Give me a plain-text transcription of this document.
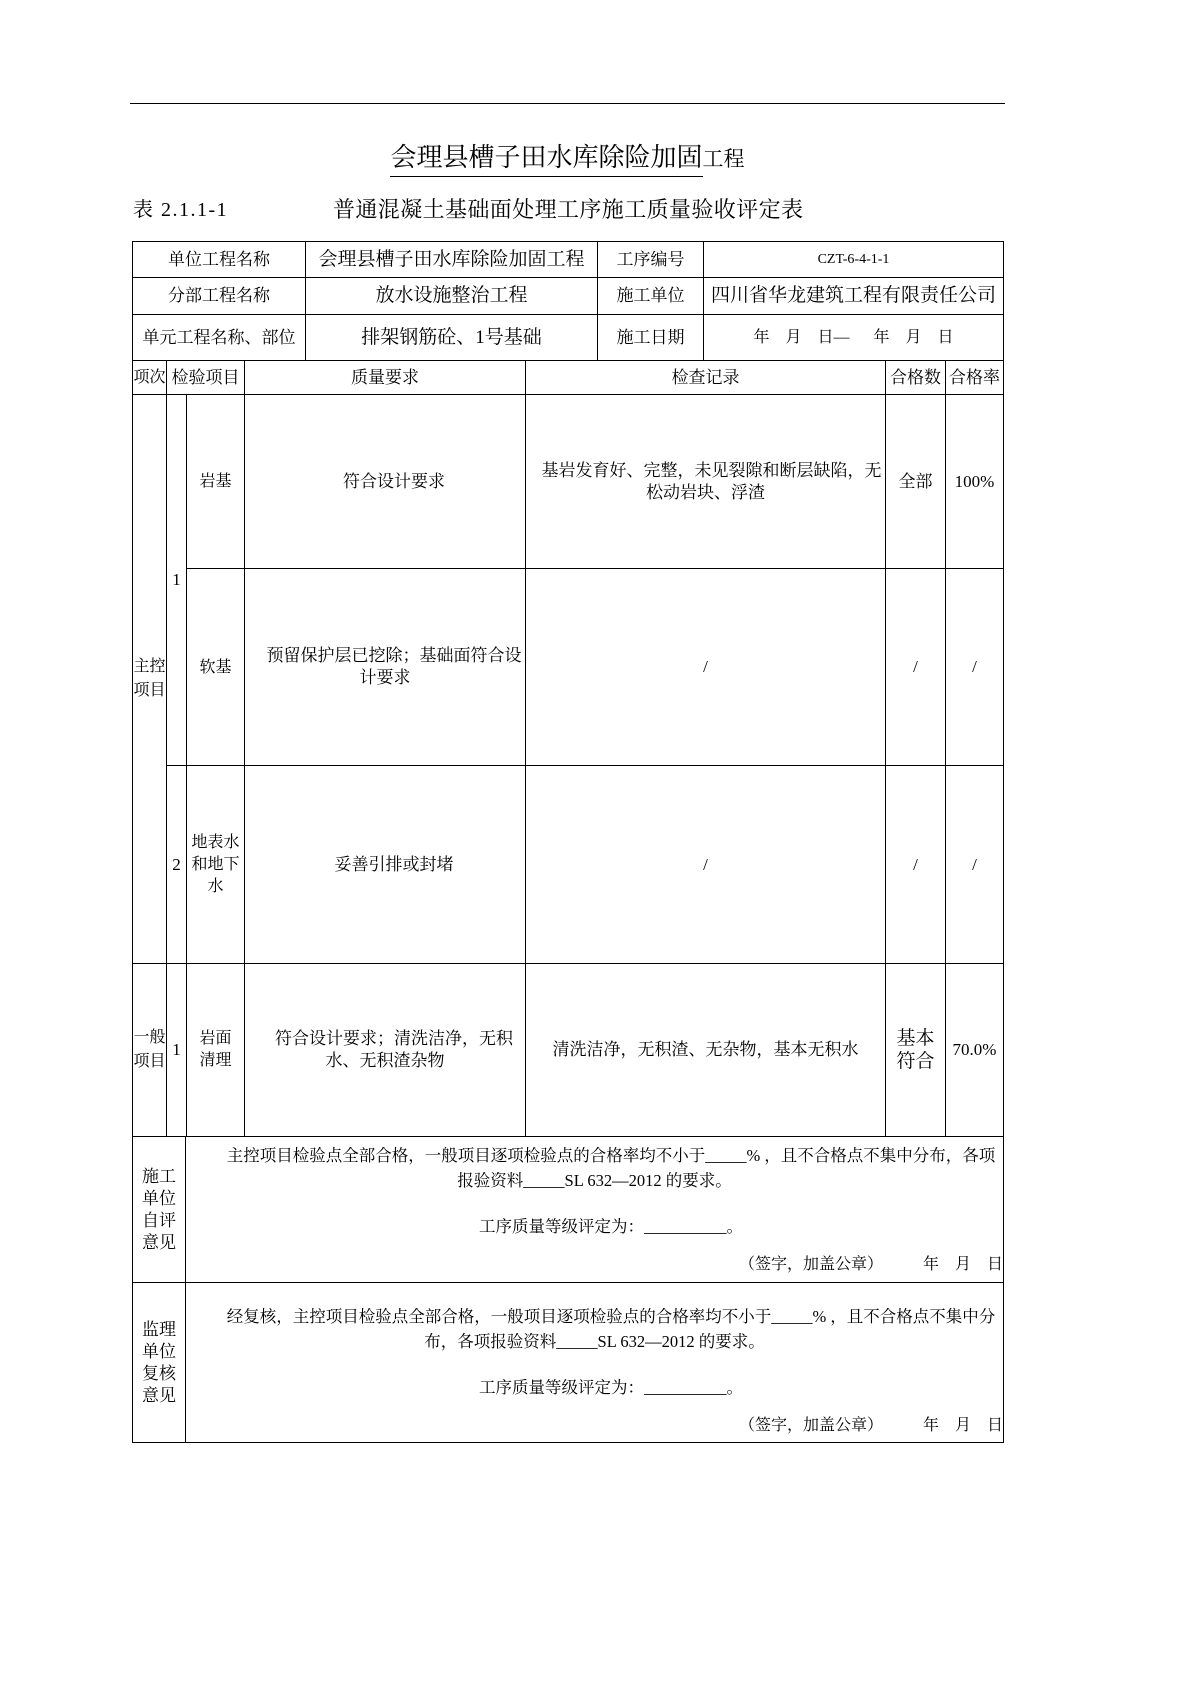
会理县槽子田水库除险加固工程
表 2.1.1-1	普通混凝土基础面处理工序施工质量验收评定表
单位工程名称	会理县槽子田水库除险加固工程	工序编号	CZT-6-4-1-1
分部工程名称	放水设施整治工程	施工单位	四川省华龙建筑工程有限责任公司
单元工程名称、部位	排架钢筋砼、1号基础	施工日期	年    月    日—      年    月    日
项次	检验项目		质量要求	检查记录	合格数	合格率
主控项目	1	岩基	符合设计要求	基岩发育好、完整，未见裂隙和断层缺陷，无松动岩块、浮渣	全部	100%
		软基	预留保护层已挖除；基础面符合设计要求	/	/	/
	2	地表水和地下水	妥善引排或封堵	/	/	/
一般项目	1	岩面清理	符合设计要求；清洗洁净，无积水、无积渣杂物	清洗洁净，无积渣、无杂物，基本无积水	基本符合	70.0%
施工单位自评意见	主控项目检验点全部合格，一般项目逐项检验点的合格率均不小于_____% ，且不合格点不集中分布，各项报验资料_____SL 632—2012 的要求。

工序质量等级评定为：__________。

（签字，加盖公章） 年    月    日

监理单位复核意见	经复核，主控项目检验点全部合格，一般项目逐项检验点的合格率均不小于_____% ，且不合格点不集中分布，各项报验资料_____SL 632—2012 的要求。

工序质量等级评定为：__________。

（签字，加盖公章） 年    月    日
